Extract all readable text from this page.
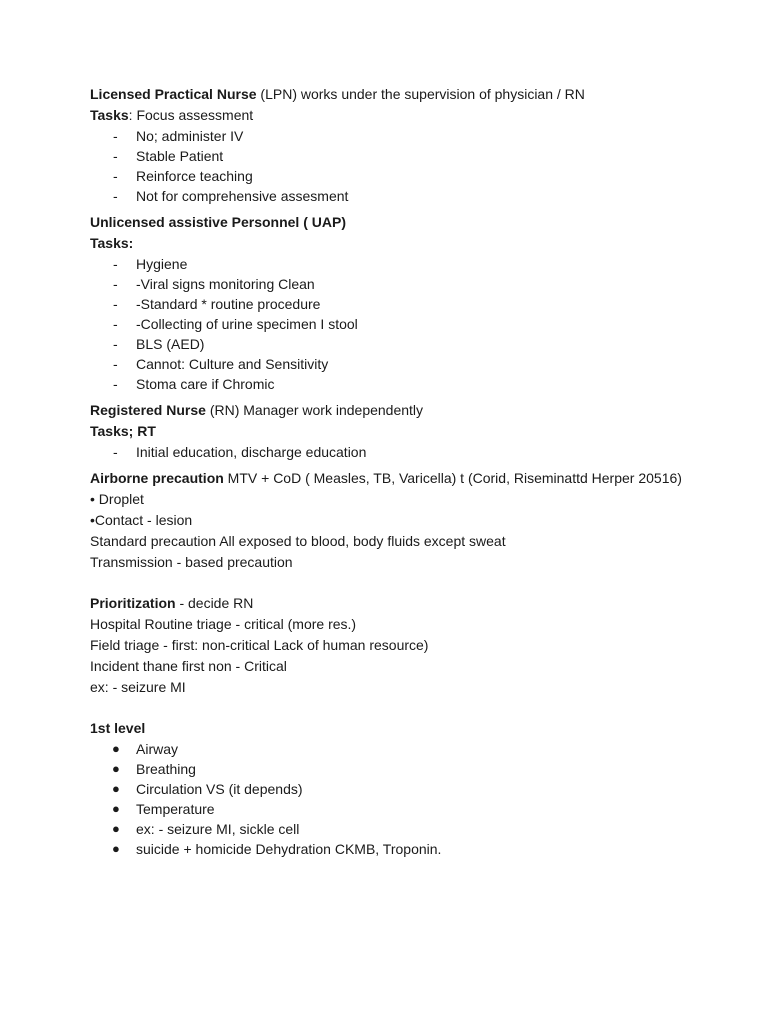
Licensed Practical Nurse (LPN) works under the supervision of physician / RN

Tasks: Focus assessment

- No; administer IV
- Stable Patient
- Reinforce teaching
- Not for comprehensive assesment

Unlicensed assistive Personnel ( UAP)

Tasks:

- Hygiene
- -Viral signs monitoring Clean
- -Standard * routine procedure
- -Collecting of urine specimen I stool
- BLS (AED)
- Cannot: Culture and Sensitivity
- Stoma care if Chromic

Registered Nurse (RN) Manager work independently

Tasks; RT

- Initial education, discharge education

Airborne precaution MTV + CoD ( Measles, TB, Varicella) t (Corid, Riseminattd Herper 20516)

• Droplet

•Contact - lesion

Standard precaution All exposed to blood, body fluids except sweat

Transmission - based precaution

Prioritization - decide RN

Hospital Routine triage - critical (more res.)

Field triage - first: non-critical Lack of human resource)

Incident thane first non - Critical

ex: - seizure MI

1st level

● Airway
● Breathing
● Circulation VS (it depends)
● Temperature
● ex: - seizure MI, sickle cell
● suicide + homicide Dehydration CKMB, Troponin.
